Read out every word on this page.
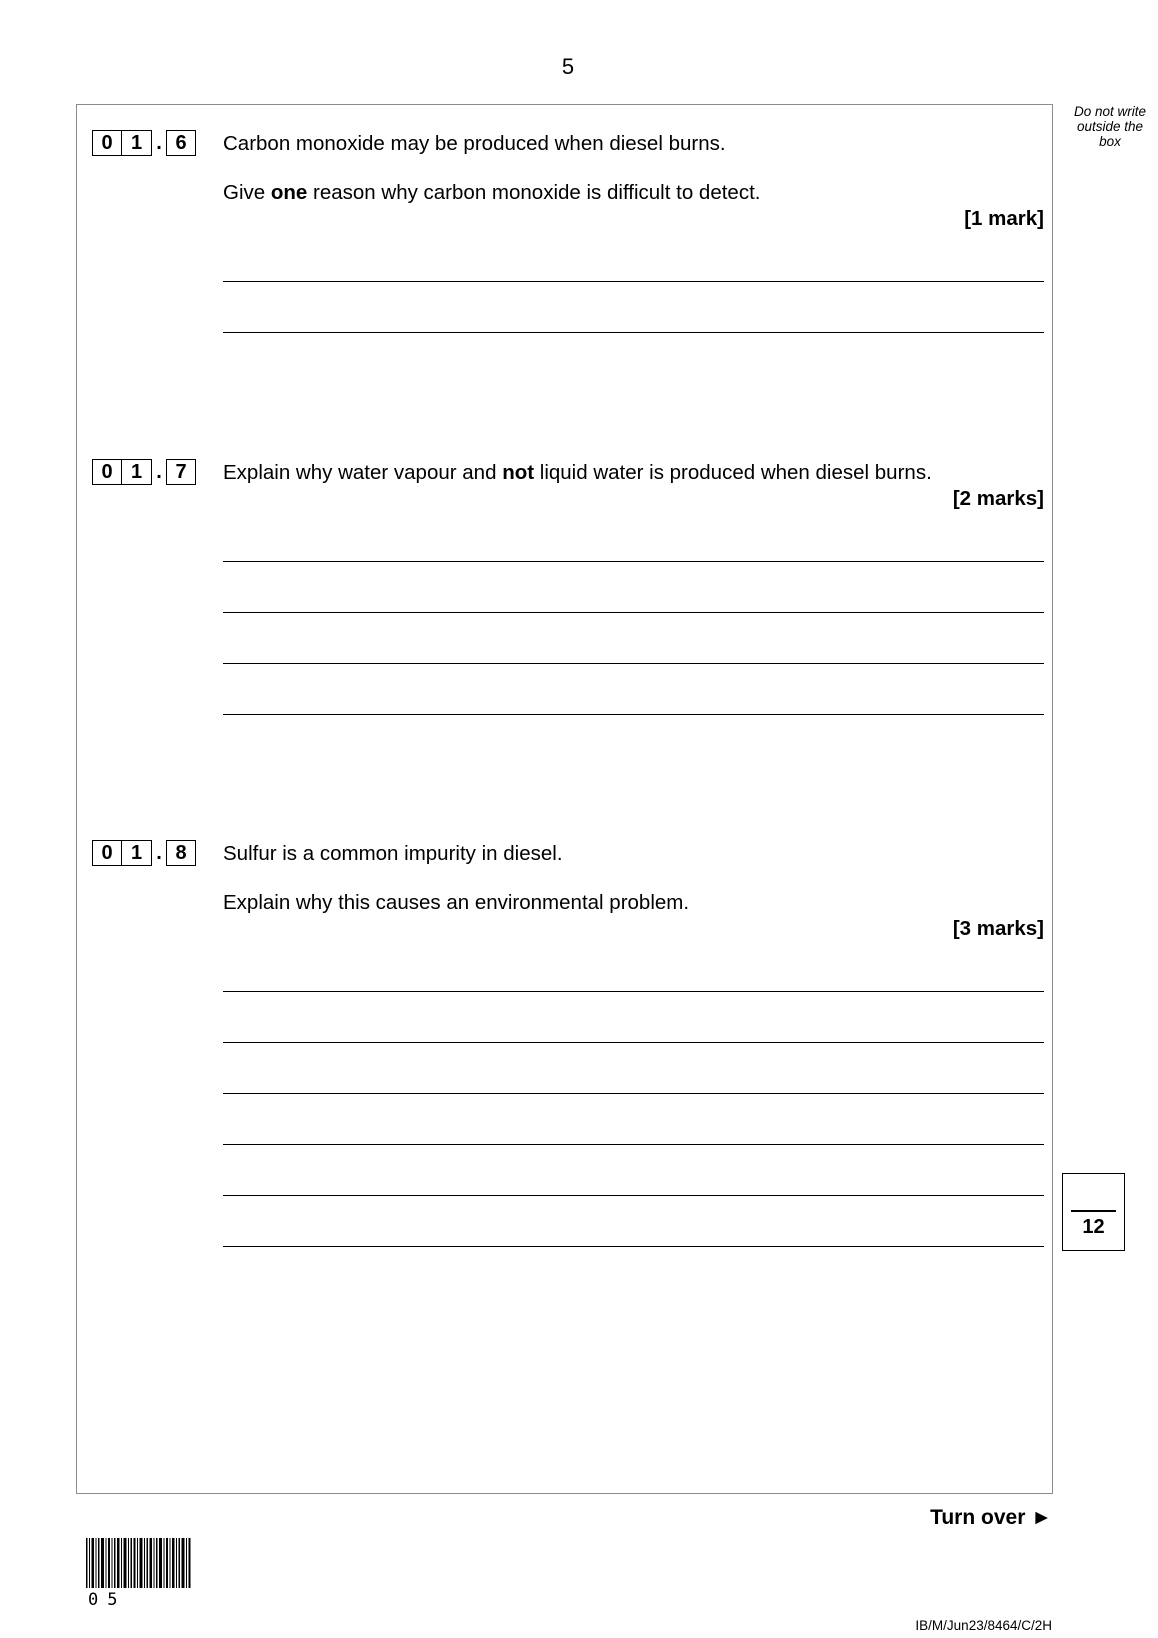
5
Do not write
outside the
box
0 1 . 6	Carbon monoxide may be produced when diesel burns.
Give one reason why carbon monoxide is difficult to detect.
[1 mark]
0 1 . 7	Explain why water vapour and not liquid water is produced when diesel burns.
[2 marks]
0 1 . 8	Sulfur is a common impurity in diesel.
Explain why this causes an environmental problem.
[3 marks]
12
Turn over ►
05
IB/M/Jun23/8464/C/2H
